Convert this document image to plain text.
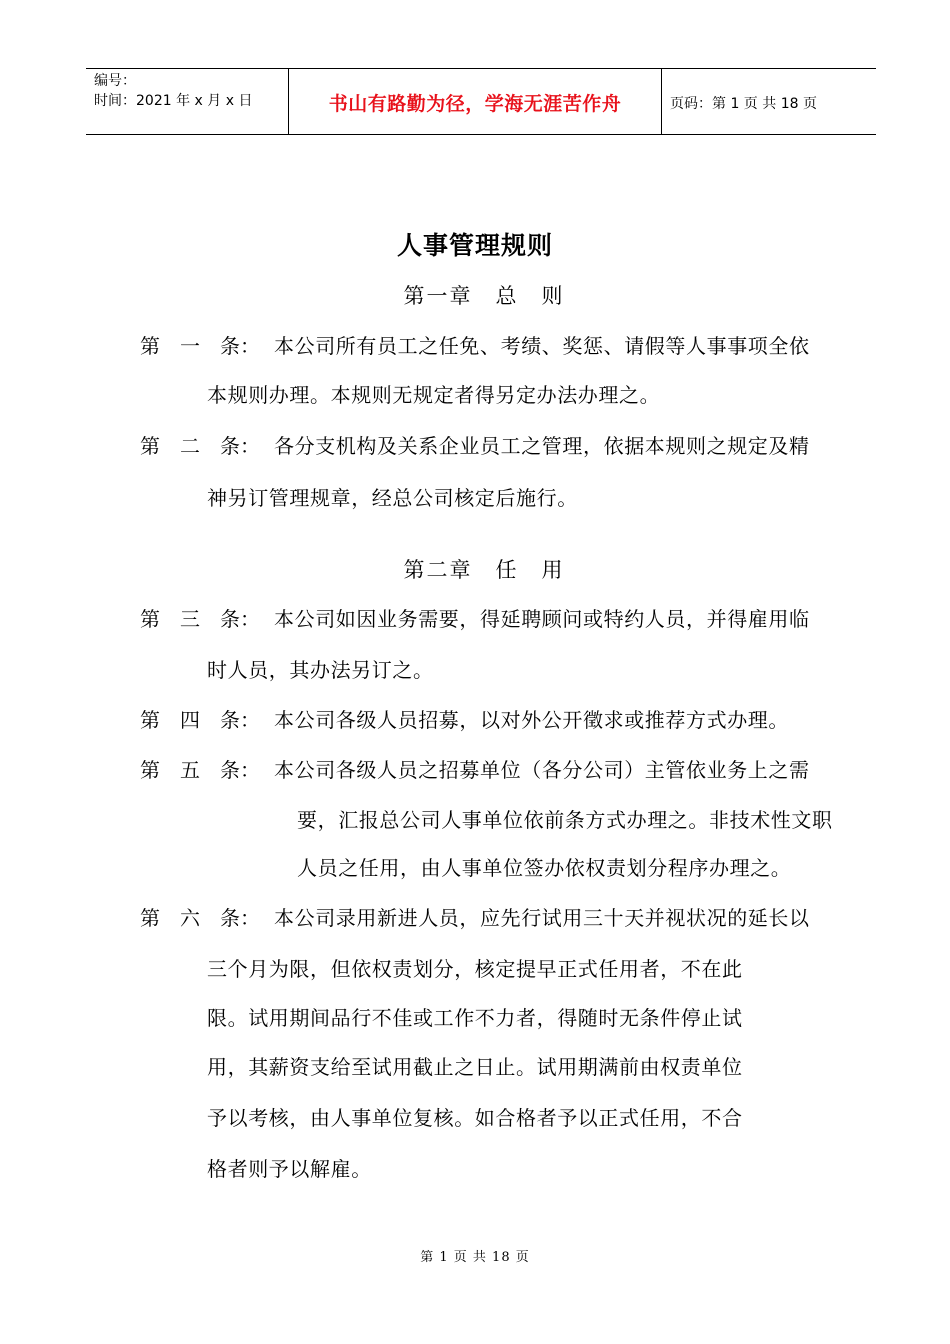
编号：
时间：2021 年 x 月 x 日	书山有路勤为径，学海无涯苦作舟	页码：第 1 页 共 18 页
人事管理规则
第一章　总　则
第　一　条： 本公司所有员工之任免、考绩、奖惩、请假等人事事项全依
本规则办理。本规则无规定者得另定办法办理之。
第　二　条： 各分支机构及关系企业员工之管理，依据本规则之规定及精
神另订管理规章，经总公司核定后施行。
第二章　任　用
第　三　条： 本公司如因业务需要，得延聘顾问或特约人员，并得雇用临
时人员，其办法另订之。
第　四　条： 本公司各级人员招募，以对外公开徵求或推荐方式办理。
第　五　条： 本公司各级人员之招募单位（各分公司）主管依业务上之需
要，汇报总公司人事单位依前条方式办理之。非技术性文职
人员之任用，由人事单位签办依权责划分程序办理之。
第　六　条： 本公司录用新进人员，应先行试用三十天并视状况的延长以
三个月为限，但依权责划分，核定提早正式任用者，不在此
限。试用期间品行不佳或工作不力者，得随时无条件停止试
用，其薪资支给至试用截止之日止。试用期满前由权责单位
予以考核，由人事单位复核。如合格者予以正式任用，不合
格者则予以解雇。
第 1 页 共 18 页
